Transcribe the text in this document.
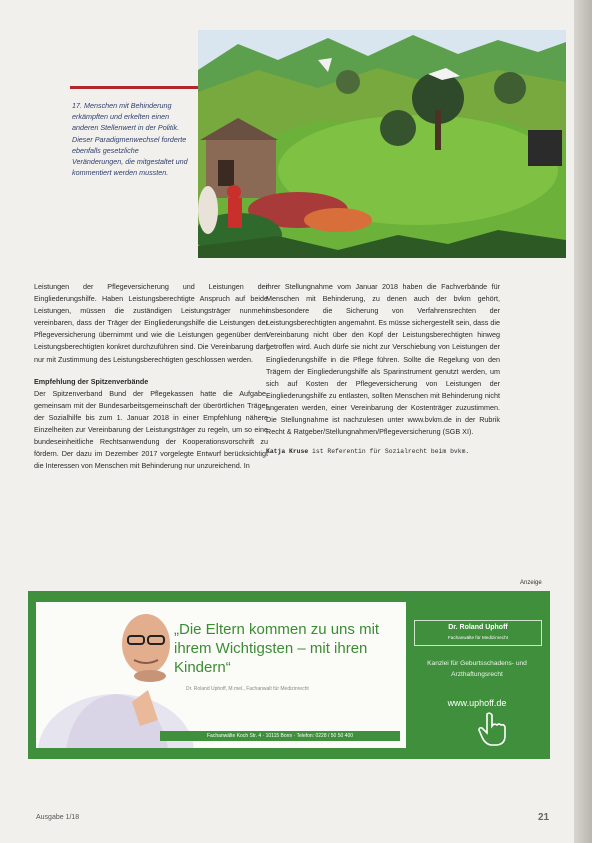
17. Menschen mit Behinderung erkämpften und erkelten einen anderen Stellenwert in der Politik. Dieser Paradigmenwechsel forderte ebenfalls gesetzliche Veränderungen, die mitgestaltet und kommentiert werden mussten.

Leistungen der Pflegeversicherung und Leistungen der Eingliederungshilfe. Haben Leistungsberechtigte Anspruch auf beide Leistungen, müssen die zuständigen Leistungsträger nunmehr vereinbaren, dass der Träger der Eingliederungshilfe die Leistungen der Pflegeversicherung übernimmt und wie die Leistungen gegenüber dem Leistungsberechtigten konkret durchzuführen sind. Die Vereinbarung darf nur mit Zustimmung des Leistungsberechtigten geschlossen werden.

Empfehlung der Spitzenverbände

Der Spitzenverband Bund der Pflegekassen hatte die Aufgabe, gemeinsam mit der Bundesarbeitsgemeinschaft der überörtlichen Träger der Sozialhilfe bis zum 1. Januar 2018 in einer Empfehlung nähere Einzelheiten zur Vereinbarung der Leistungsträger zu regeln, um so eine bundeseinheitliche Rechtsanwendung der Kooperationsvorschrift zu fördern. Der dazu im Dezember 2017 vorgelegte Entwurf berücksichtigt die Interessen von Menschen mit Behinderung nur unzureichend. In

ihrer Stellungnahme vom Januar 2018 haben die Fachverbände für Menschen mit Behinderung, zu denen auch der bvkm gehört, insbesondere die Sicherung von Verfahrensrechten der Leistungsberechtigten angemahnt. Es müsse sichergestellt sein, dass die Vereinbarung nicht über den Kopf der Leistungsberechtigten hinweg getroffen wird. Auch dürfe sie nicht zur Verschiebung von Leistungen der Eingliederungshilfe in die Pflege führen. Sollte die Regelung von den Trägern der Eingliederungshilfe als Sparinstrument genutzt werden, um sich auf Kosten der Pflegeversicherung von Leistungen der Eingliederungshilfe zu entlasten, sollten Menschen mit Behinderung nicht angeraten werden, einer Vereinbarung der Kostenträger zuzustimmen. Die Stellungnahme ist nachzulesen unter www.bvkm.de in der Rubrik Recht & Ratgeber/Stellungnahmen/Pflegeversicherung (SGB XI).

Katja Kruse ist Referentin für Sozialrecht beim bvkm.

Anzeige
„Die Eltern kommen zu uns mit ihrem Wichtigsten – mit ihren Kindern“
Dr. Roland Uphoff, M.mel., Fachanwalt für Medizinrecht
Fachanwälte Koch Str. 4 · 10115 Bonn · Telefon: 0228 / 50 50 400
Dr. Roland Uphoff
Fachanwälte für Medizinrecht
Kanzlei für Geburtsschadens- und Arzthaftungsrecht
www.uphoff.de
Ausgabe 1/18	21
